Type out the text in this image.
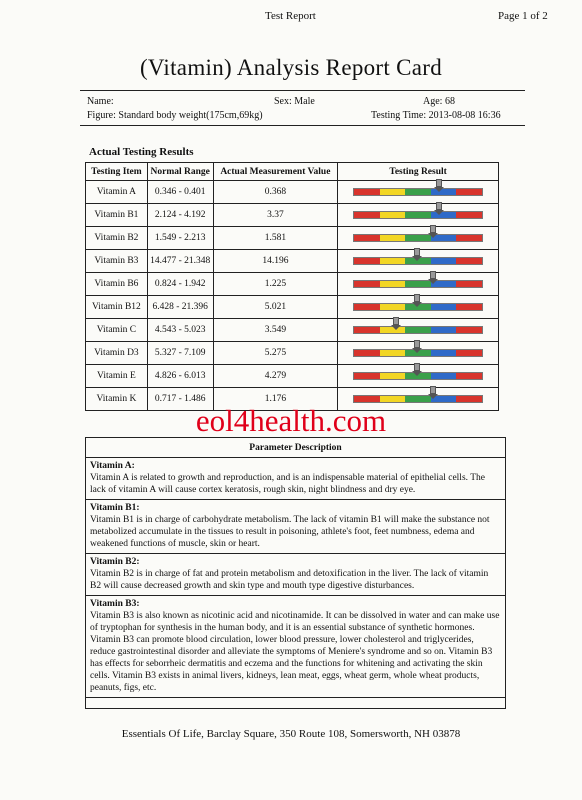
Test Report	Page 1 of 2
(Vitamin) Analysis Report Card
Name:	Sex: Male	Age: 68
Figure: Standard body weight(175cm,69kg)	Testing Time: 2013-08-08 16:36
Actual Testing Results
Testing Item	Normal Range	Actual Measurement Value	Testing Result
Vitamin A	0.346 - 0.401	0.368	

Vitamin B1	2.124 - 4.192	3.37	

Vitamin B2	1.549 - 2.213	1.581	

Vitamin B3	14.477 - 21.348	14.196	

Vitamin B6	0.824 - 1.942	1.225	

Vitamin B12	6.428 - 21.396	5.021	

Vitamin C	4.543 - 5.023	3.549	

Vitamin D3	5.327 - 7.109	5.275	

Vitamin E	4.826 - 6.013	4.279	

Vitamin K	0.717 - 1.486	1.176	
eol4health.com
Parameter Description
Vitamin A:
Vitamin A is related to growth and reproduction, and is an indispensable material of epithelial cells. The lack of vitamin A will cause cortex keratosis, rough skin, night blindness and dry eye.
Vitamin B1:
Vitamin B1 is in charge of carbohydrate metabolism. The lack of vitamin B1 will make the substance not metabolized accumulate in the tissues to result in poisoning, athlete's foot, feet numbness, edema and weakened functions of muscle, skin or heart.
Vitamin B2:
Vitamin B2 is in charge of fat and protein metabolism and detoxification in the liver. The lack of vitamin B2 will cause decreased growth and skin type and mouth type digestive disturbances.
Vitamin B3:
Vitamin B3 is also known as nicotinic acid and nicotinamide. It can be dissolved in water and can make use of tryptophan for synthesis in the human body, and it is an essential substance of synthetic hormones. Vitamin B3 can promote blood circulation, lower blood pressure, lower cholesterol and triglycerides, reduce gastrointestinal disorder and alleviate the symptoms of Meniere's syndrome and so on. Vitamin B3 has effects for seborrheic dermatitis and eczema and the functions for whitening and activating the skin cells. Vitamin B3 exists in animal livers, kidneys, lean meat, eggs, wheat germ, whole wheat products, peanuts, figs, etc.
Essentials Of Life, Barclay Square, 350 Route 108, Somersworth, NH 03878
